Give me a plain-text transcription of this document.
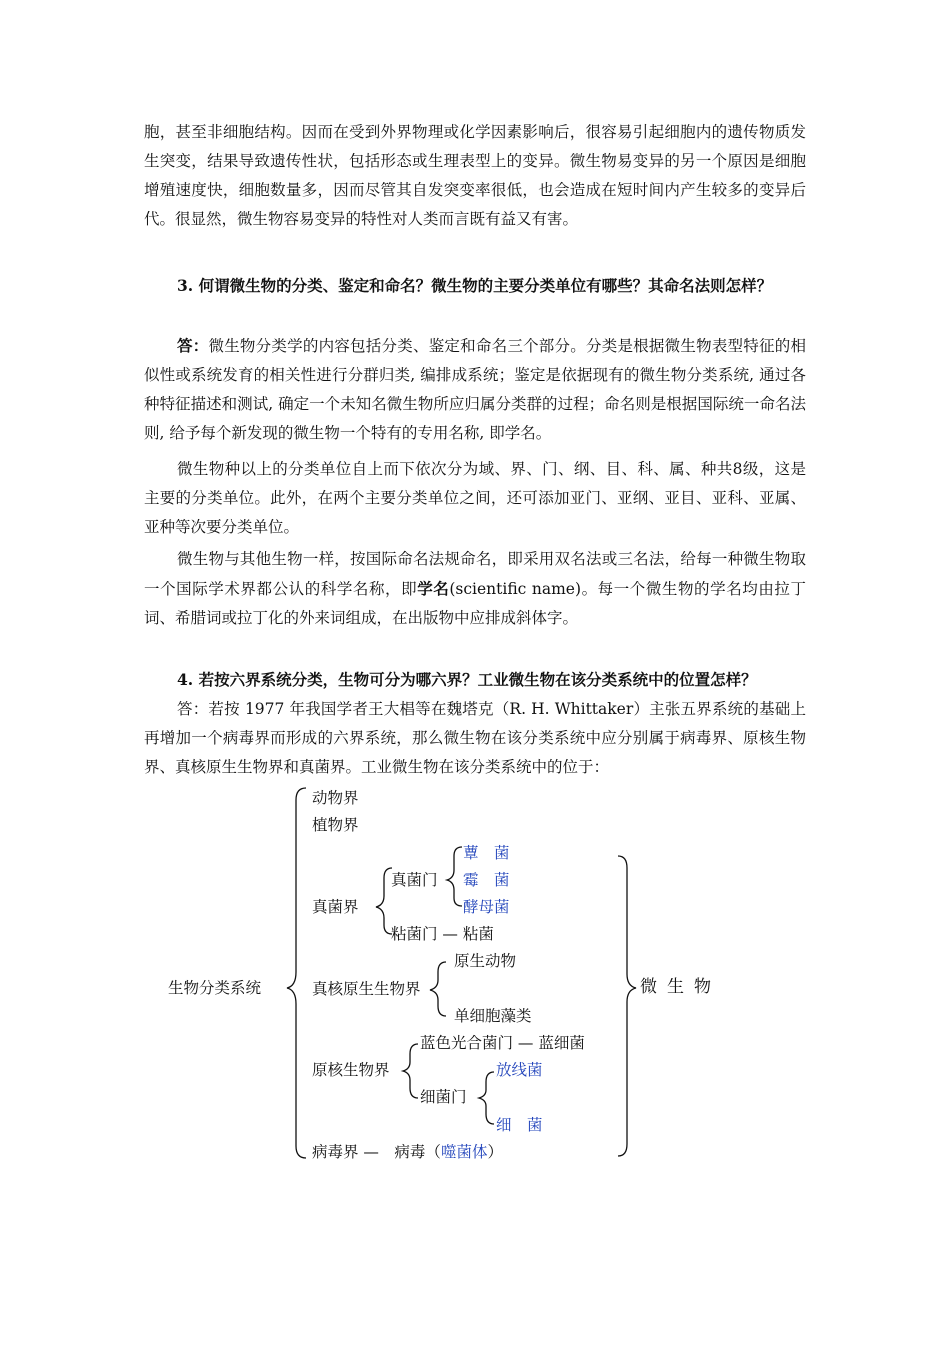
胞，甚至非细胞结构。因而在受到外界物理或化学因素影响后，很容易引起细胞内的遗传物质发生突变，结果导致遗传性状，包括形态或生理表型上的变异。微生物易变异的另一个原因是细胞增殖速度快，细胞数量多，因而尽管其自发突变率很低，也会造成在短时间内产生较多的变异后代。很显然，微生物容易变异的特性对人类而言既有益又有害。

3. 何谓微生物的分类、鉴定和命名？微生物的主要分类单位有哪些？其命名法则怎样？

答：微生物分类学的内容包括分类、鉴定和命名三个部分。分类是根据微生物表型特征的相似性或系统发育的相关性进行分群归类, 编排成系统；鉴定是依据现有的微生物分类系统, 通过各种特征描述和测试, 确定一个未知名微生物所应归属分类群的过程；命名则是根据国际统一命名法则, 给予每个新发现的微生物一个特有的专用名称, 即学名。

微生物种以上的分类单位自上而下依次分为域、界、门、纲、目、科、属、种共8级，这是主要的分类单位。此外，在两个主要分类单位之间，还可添加亚门、亚纲、亚目、亚科、亚属、亚种等次要分类单位。

微生物与其他生物一样，按国际命名法规命名，即采用双名法或三名法，给每一种微生物取一个国际学术界都公认的科学名称，即学名(scientific name)。每一个微生物的学名均由拉丁词、希腊词或拉丁化的外来词组成，在出版物中应排成斜体字。

4. 若按六界系统分类，生物可分为哪六界？工业微生物在该分类系统中的位置怎样？

答：若按 1977 年我国学者王大椙等在魏塔克（R. H. Whittaker）主张五界系统的基础上再增加一个病毒界而形成的六界系统，那么微生物在该分类系统中应分别属于病毒界、原核生物界、真核原生生物界和真菌界。工业微生物在该分类系统中的位于：

生物分类系统
动物界
植物界
真菌界
真菌门
蕈　菌
霉　菌
酵母菌
粘菌门 — 粘菌
真核原生生物界
原生动物
单细胞藻类
原核生物界
蓝色光合菌门 — 蓝细菌
细菌门
放线菌
细　菌
病毒界 —　病毒（噬菌体）
微生物
